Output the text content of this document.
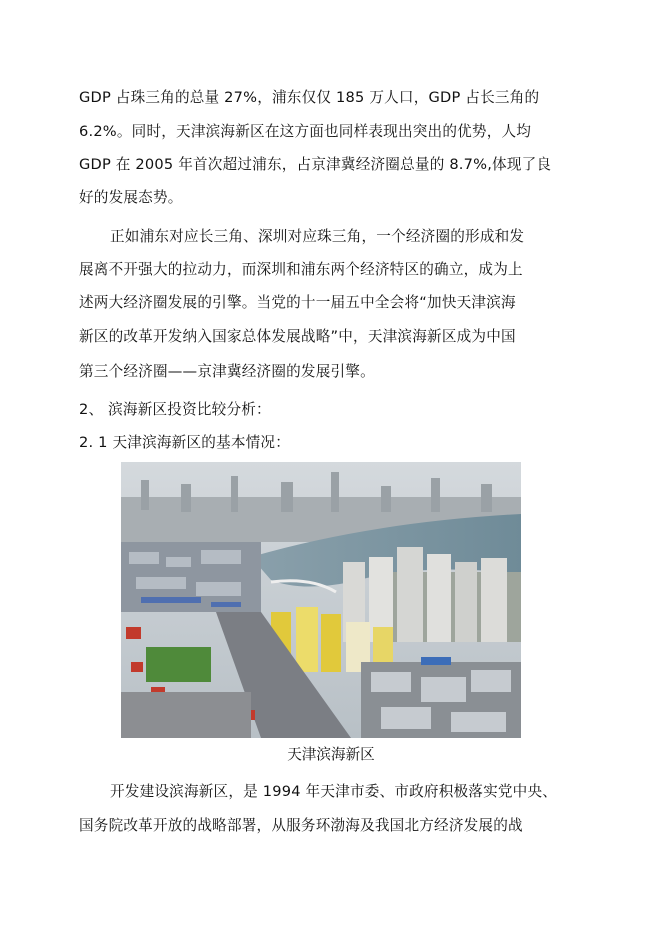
GDP 占珠三角的总量 27%，浦东仅仅 185 万人口，GDP 占长三角的
6.2%。同时，天津滨海新区在这方面也同样表现出突出的优势，人均
GDP 在 2005 年首次超过浦东，占京津冀经济圈总量的 8.7%,体现了良
好的发展态势。
正如浦东对应长三角、深圳对应珠三角，一个经济圈的形成和发
展离不开强大的拉动力，而深圳和浦东两个经济特区的确立，成为上
述两大经济圈发展的引擎。当党的十一届五中全会将“加快天津滨海
新区的改革开发纳入国家总体发展战略”中，天津滨海新区成为中国
第三个经济圈——京津冀经济圈的发展引擎。
2、 滨海新区投资比较分析：
2. 1 天津滨海新区的基本情况：
天津滨海新区
开发建设滨海新区，是 1994 年天津市委、市政府积极落实党中央、
国务院改革开放的战略部署，从服务环渤海及我国北方经济发展的战
